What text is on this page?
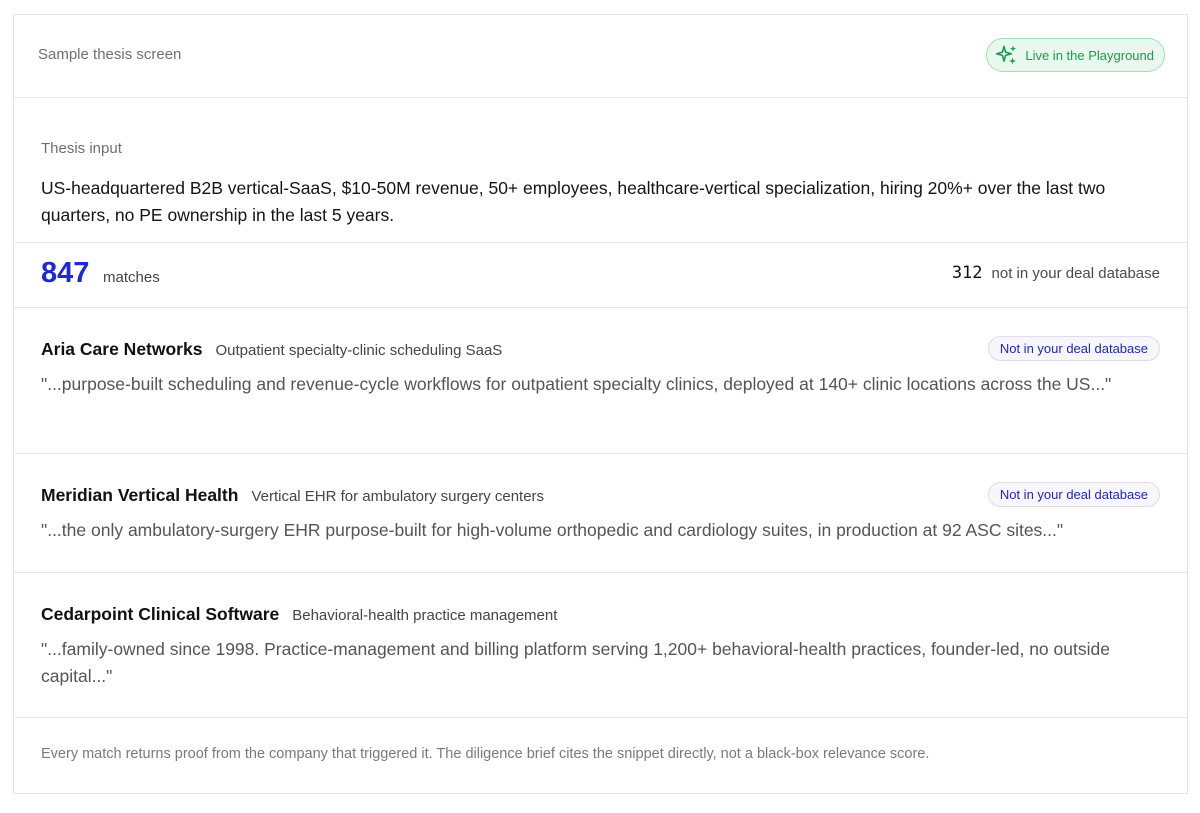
Sample thesis screen	Live in the Playground
Thesis input
US-headquartered B2B vertical-SaaS, $10-50M revenue, 50+ employees, healthcare-vertical specialization, hiring 20%+ over the last two quarters, no PE ownership in the last 5 years.
847 matches	312 not in your deal database
Aria Care Networks Outpatient specialty-clinic scheduling SaaS	Not in your deal database
"...purpose-built scheduling and revenue-cycle workflows for outpatient specialty clinics, deployed at 140+ clinic locations across the US..."
Meridian Vertical Health Vertical EHR for ambulatory surgery centers	Not in your deal database
"...the only ambulatory-surgery EHR purpose-built for high-volume orthopedic and cardiology suites, in production at 92 ASC sites..."
Cedarpoint Clinical Software Behavioral-health practice management
"...family-owned since 1998. Practice-management and billing platform serving 1,200+ behavioral-health practices, founder-led, no outside capital..."
Every match returns proof from the company that triggered it. The diligence brief cites the snippet directly, not a black-box relevance score.
